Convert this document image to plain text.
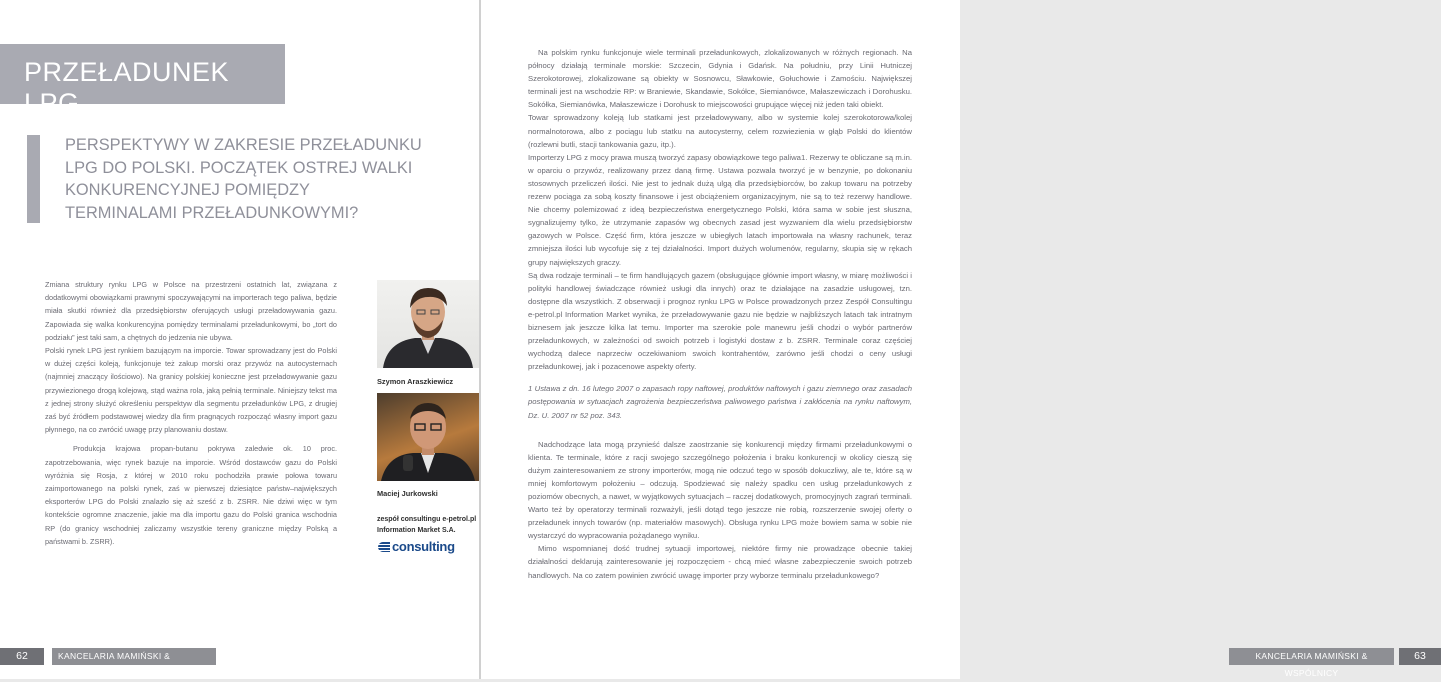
PRZEŁADUNEK LPG
PERSPEKTYWY W ZAKRESIE PRZEŁADUNKU LPG DO POLSKI. POCZĄTEK OSTREJ WALKI KONKURENCYJNEJ POMIĘDZY TERMINALAMI PRZEŁADUNKOWYMI?

Zmiana struktury rynku LPG w Polsce na przestrzeni ostatnich lat, związana z dodatkowymi obowiązkami prawnymi spoczywającymi na importerach tego paliwa, będzie miała skutki również dla przedsiębiorstw oferujących usługi przeładowywania gazu. Zapowiada się walka konkurencyjna pomiędzy terminalami przeładunkowymi, bo „tort do podziału” jest taki sam, a chętnych do jedzenia nie ubywa.

Polski rynek LPG jest rynkiem bazującym na imporcie. Towar sprowadzany jest do Polski w dużej części koleją, funkcjonuje też zakup morski oraz przywóz na autocysternach (najmniej znaczący ilościowo). Na granicy polskiej konieczne jest przeładowywanie gazu przywiezionego drogą kolejową, stąd ważna rola, jaką pełnią terminale. Niniejszy tekst ma z jednej strony służyć określeniu perspektyw dla segmentu przeładunków LPG, z drugiej zaś być źródłem podstawowej wiedzy dla firm pragnących rozpocząć własny import gazu płynnego, na co zwrócić uwagę przy planowaniu dostaw.

Produkcja krajowa propan-butanu pokrywa zaledwie ok. 10 proc. zapotrzebowania, więc rynek bazuje na imporcie. Wśród dostawców gazu do Polski wyróżnia się Rosja, z której w 2010 roku pochodziła prawie połowa towaru zaimportowanego na polski rynek, zaś w pierwszej dziesiątce państw–największych eksporterów LPG do Polski znalazło się aż sześć z b. ZSRR. Nie dziwi więc w tym kontekście ogromne znaczenie, jakie ma dla importu gazu do Polski granica wschodnia RP (do granicy wschodniej zaliczamy wszystkie tereny graniczne między Polską a państwami b. ZSRR).

Szymon Araszkiewicz
Maciej Jurkowski
zespół consultingu e-petrol.pl
Information Market S.A.
consulting
62	KANCELARIA MAMIŃSKI & WSPÓLNICY
KANCELARIA MAMIŃSKI & WSPÓLNICY
63

Na polskim rynku funkcjonuje wiele terminali przeładunkowych, zlokalizowanych w różnych regionach. Na północy działają terminale morskie: Szczecin, Gdynia i Gdańsk. Na południu, przy Linii Hutniczej Szerokotorowej, zlokalizowane są obiekty w Sosnowcu, Sławkowie, Gołuchowie i Zamościu. Największej terminali jest na wschodzie RP: w Braniewie, Skandawie, Sokółce, Siemianówce, Małaszewiczach i Dorohusku. Sokółka, Siemianówka, Małaszewicze i Dorohusk to miejscowości grupujące więcej niż jeden taki obiekt.

Towar sprowadzony koleją lub statkami jest przeładowywany, albo w systemie kolej szerokotorowa/kolej normalnotorowa, albo z pociągu lub statku na autocysterny, celem rozwiezienia w głąb Polski do klientów (rozlewni butli, stacji tankowania gazu, itp.).

Importerzy LPG z mocy prawa muszą tworzyć zapasy obowiązkowe tego paliwa1. Rezerwy te obliczane są m.in. w oparciu o przywóz, realizowany przez daną firmę. Ustawa pozwala tworzyć je w benzynie, po dokonaniu stosownych przeliczeń ilości. Nie jest to jednak dużą ulgą dla przedsiębiorców, bo zakup towaru na potrzeby rezerw pociąga za sobą koszty finansowe i jest obciążeniem organizacyjnym, nie są to też rezerwy handlowe. Nie chcemy polemizować z ideą bezpieczeństwa energetycznego Polski, która sama w sobie jest słuszna, sygnalizujemy tylko, że utrzymanie zapasów wg obecnych zasad jest wyzwaniem dla wielu przedsiębiorstw gazowych w Polsce. Część firm, która jeszcze w ubiegłych latach importowała na własny rachunek, teraz zmniejsza ilości lub wycofuje się z tej działalności. Import dużych wolumenów, regularny, skupia się w rękach grupy największych graczy.

Są dwa rodzaje terminali – te firm handlujących gazem (obsługujące głównie import własny, w miarę możliwości i polityki handlowej świadczące również usługi dla innych) oraz te działające na zasadzie usługowej, tzn. dostępne dla wszystkich. Z obserwacji i prognoz rynku LPG w Polsce prowadzonych przez Zespół Consultingu e-petrol.pl Information Market wynika, że przeładowywanie gazu nie będzie w najbliższych latach tak intratnym biznesem jak jeszcze kilka lat temu. Importer ma szerokie pole manewru jeśli chodzi o wybór partnerów przeładunkowych, w zależności od swoich potrzeb i logistyki dostaw z b. ZSRR. Terminale coraz częściej wychodzą dalece naprzeciw oczekiwaniom swoich kontrahentów, zarówno jeśli chodzi o ceny usługi przeładunkowej, jak i pozacenowe aspekty oferty.

1 Ustawa z dn. 16 lutego 2007 o zapasach ropy naftowej, produktów naftowych i gazu ziemnego oraz zasadach postępowania w sytuacjach zagrożenia bezpieczeństwa paliwowego państwa i zakłócenia na rynku naftowym, Dz. U. 2007 nr 52 poz. 343.

Nadchodzące lata mogą przynieść dalsze zaostrzanie się konkurencji między firmami przeładunkowymi o klienta. Te terminale, które z racji swojego szczególnego położenia i braku konkurencji w okolicy cieszą się dużym zainteresowaniem ze strony importerów, mogą nie odczuć tego w sposób dokuczliwy, ale te, które są w mniej komfortowym położeniu – odczują. Spodziewać się należy spadku cen usług przeładunkowych z poziomów obecnych, a nawet, w wyjątkowych sytuacjach – raczej dodatkowych, promocyjnych zagrań terminali. Warto też by operatorzy terminali rozważyli, jeśli dotąd tego jeszcze nie robią, rozszerzenie swojej oferty o przeładunek innych towarów (np. materiałów masowych). Obsługa rynku LPG może bowiem sama w sobie nie wystarczyć do wypracowania pożądanego wyniku.

Mimo wspomnianej dość trudnej sytuacji importowej, niektóre firmy nie prowadzące obecnie takiej działalności deklarują zainteresowanie jej rozpoczęciem - chcą mieć własne zabezpieczenie swoich potrzeb handlowych. Na co zatem powinien zwrócić uwagę importer przy wyborze terminalu przeładunkowego?
